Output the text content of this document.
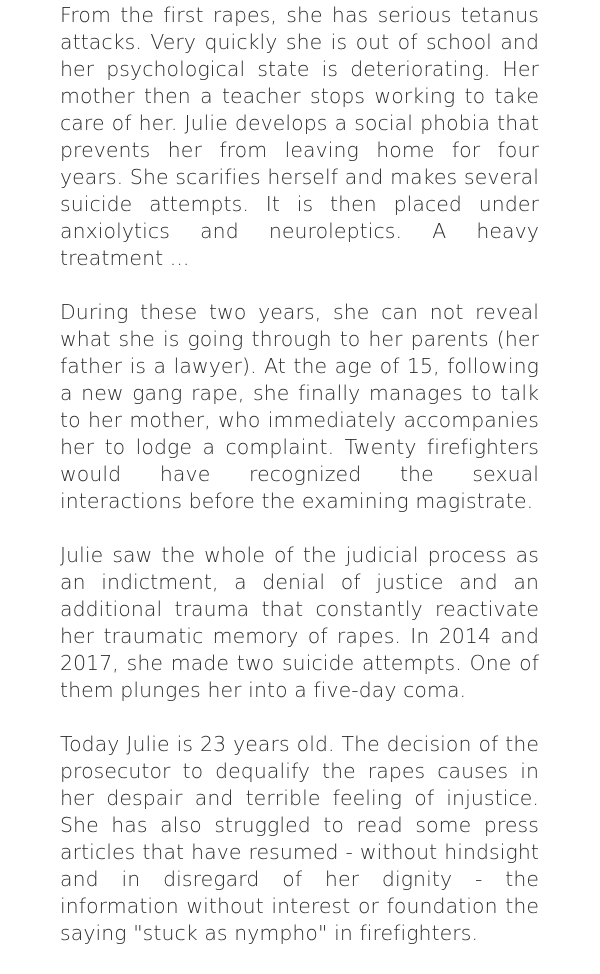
From the first rapes, she has serious tetanus attacks. Very quickly she is out of school and her psychological state is deteriorating. Her mother then a teacher stops working to take care of her. Julie develops a social phobia that prevents her from leaving home for four years. She scarifies herself and makes several suicide attempts. It is then placed under anxiolytics and neuroleptics. A heavy treatment ...

During these two years, she can not reveal what she is going through to her parents (her father is a lawyer). At the age of 15, following a new gang rape, she finally manages to talk to her mother, who immediately accompanies her to lodge a complaint. Twenty firefighters would have recognized the sexual interactions before the examining magistrate.

Julie saw the whole of the judicial process as an indictment, a denial of justice and an additional trauma that constantly reactivate her traumatic memory of rapes. In 2014 and 2017, she made two suicide attempts. One of them plunges her into a five-day coma.

Today Julie is 23 years old. The decision of the prosecutor to dequalify the rapes causes in her despair and terrible feeling of injustice. She has also struggled to read some press articles that have resumed - without hindsight and in disregard of her dignity - the information without interest or foundation the saying "stuck as nympho" in firefighters.
